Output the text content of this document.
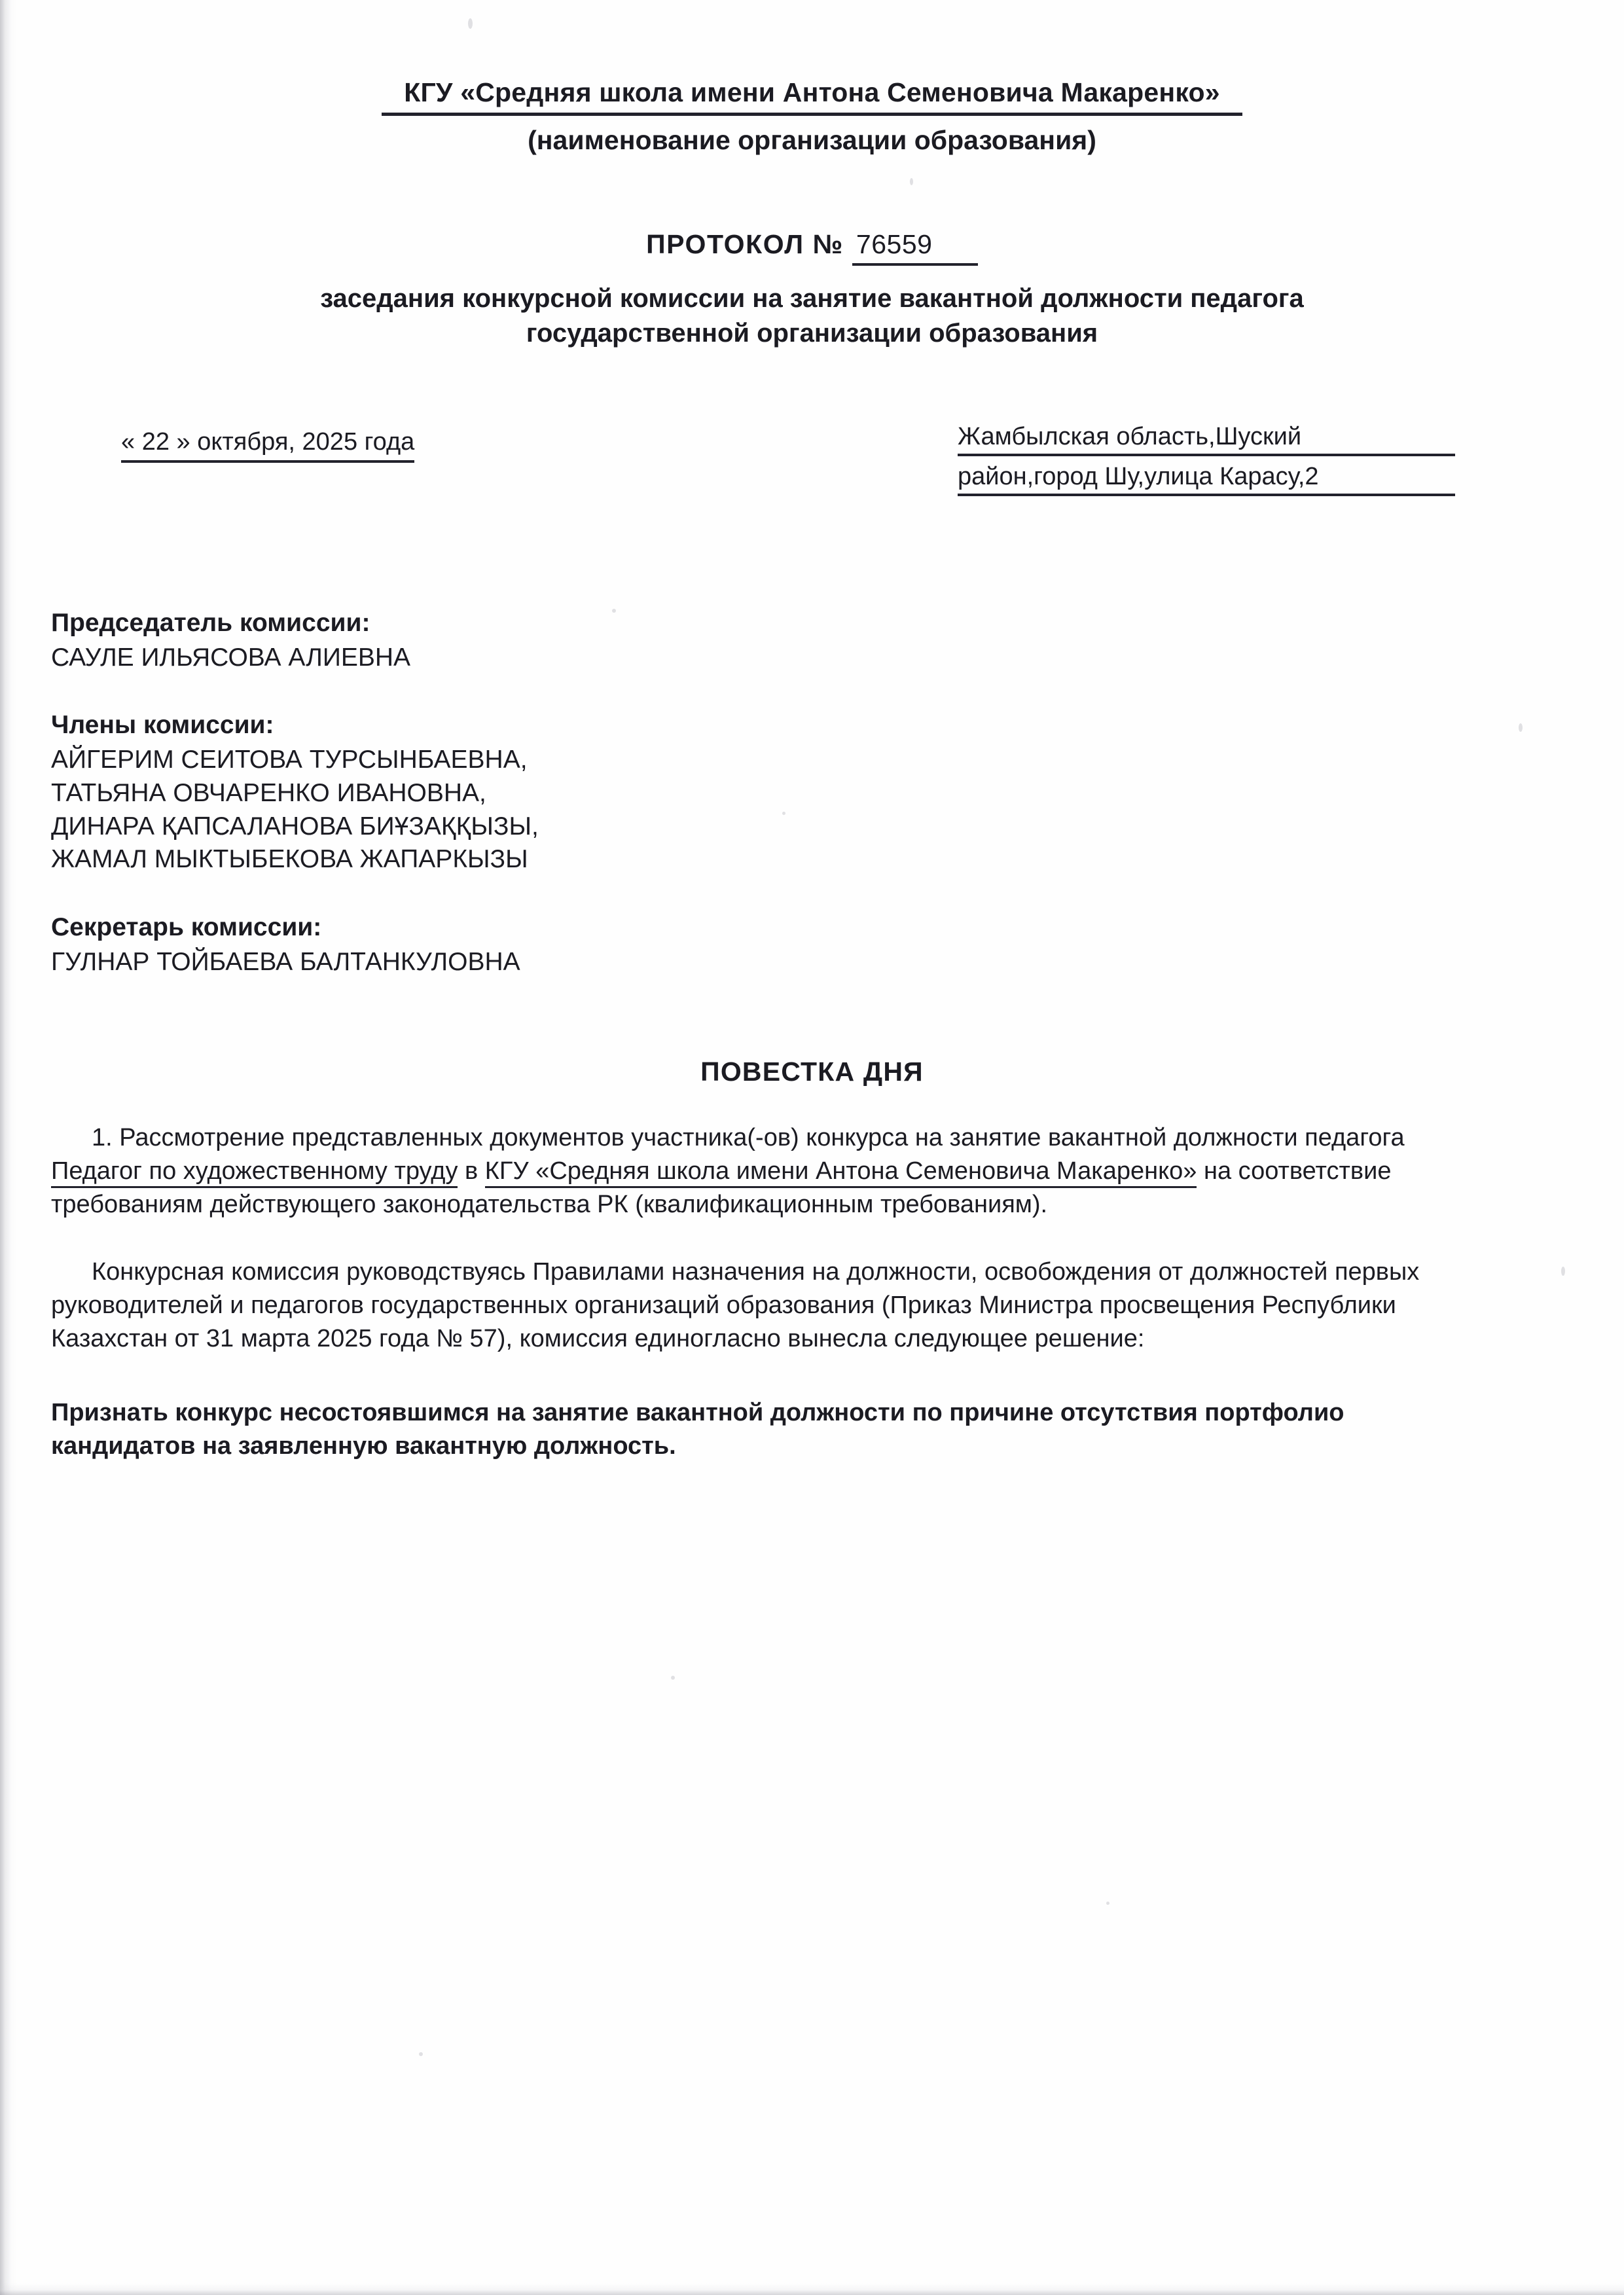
КГУ «Средняя школа имени Антона Семеновича Макаренко»
(наименование организации образования)
ПРОТОКОЛ № 76559
заседания конкурсной комиссии на занятие вакантной должности педагога
государственной организации образования
« 22 » октября, 2025 года	Жамбылская область,Шуский
район,город Шу,улица Карасу,2
Председатель комиссии:
САУЛЕ ИЛЬЯСОВА АЛИЕВНА
Члены комиссии:
АЙГЕРИМ СЕИТОВА ТУРСЫНБАЕВНА,
ТАТЬЯНА ОВЧАРЕНКО ИВАНОВНА,
ДИНАРА ҚАПСАЛАНОВА БИҰЗАҚҚЫЗЫ,
ЖАМАЛ МЫКТЫБЕКОВА ЖАПАРКЫЗЫ
Секретарь комиссии:
ГУЛНАР ТОЙБАЕВА БАЛТАНКУЛОВНА
ПОВЕСТКА ДНЯ

1. Рассмотрение представленных документов участника(-ов) конкурса на занятие вакантной должности педагога Педагог по художественному труду в КГУ «Средняя школа имени Антона Семеновича Макаренко» на соответствие требованиям действующего законодательства РК (квалификационным требованиям).

Конкурсная комиссия руководствуясь Правилами назначения на должности, освобождения от должностей первых руководителей и педагогов государственных организаций образования (Приказ Министра просвещения Республики Казахстан от 31 марта 2025 года № 57), комиссия единогласно вынесла следующее решение:

Признать конкурс несостоявшимся на занятие вакантной должности по причине отсутствия портфолио кандидатов на заявленную вакантную должность.
